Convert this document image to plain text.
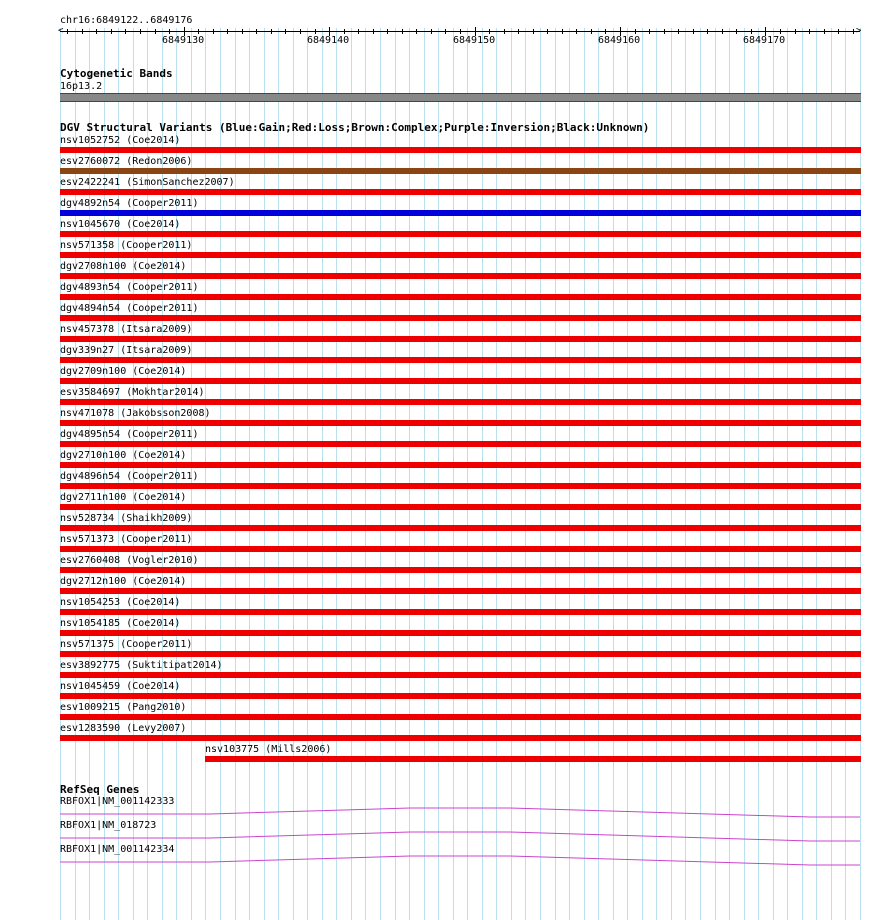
chr16:6849122..6849176
6849130	6849140	6849150	6849160	6849170
<	>
Cytogenetic Bands
16p13.2
DGV Structural Variants (Blue:Gain;Red:Loss;Brown:Complex;Purple:Inversion;Black:Unknown)
nsv1052752 (Coe2014)
esv2760072 (Redon2006)
esv2422241 (SimonSanchez2007)
dgv4892n54 (Cooper2011)
nsv1045670 (Coe2014)
nsv571358 (Cooper2011)
dgv2708n100 (Coe2014)
dgv4893n54 (Cooper2011)
dgv4894n54 (Cooper2011)
nsv457378 (Itsara2009)
dgv339n27 (Itsara2009)
dgv2709n100 (Coe2014)
esv3584697 (Mokhtar2014)
nsv471078 (Jakobsson2008)
dgv4895n54 (Cooper2011)
dgv2710n100 (Coe2014)
dgv4896n54 (Cooper2011)
dgv2711n100 (Coe2014)
nsv528734 (Shaikh2009)
nsv571373 (Cooper2011)
esv2760408 (Vogler2010)
dgv2712n100 (Coe2014)
nsv1054253 (Coe2014)
nsv1054185 (Coe2014)
nsv571375 (Cooper2011)
esv3892775 (Suktitipat2014)
nsv1045459 (Coe2014)
esv1009215 (Pang2010)
esv1283590 (Levy2007)
nsv103775 (Mills2006)
RefSeq Genes
RBFOX1|NM_001142333
RBFOX1|NM_018723
RBFOX1|NM_001142334
